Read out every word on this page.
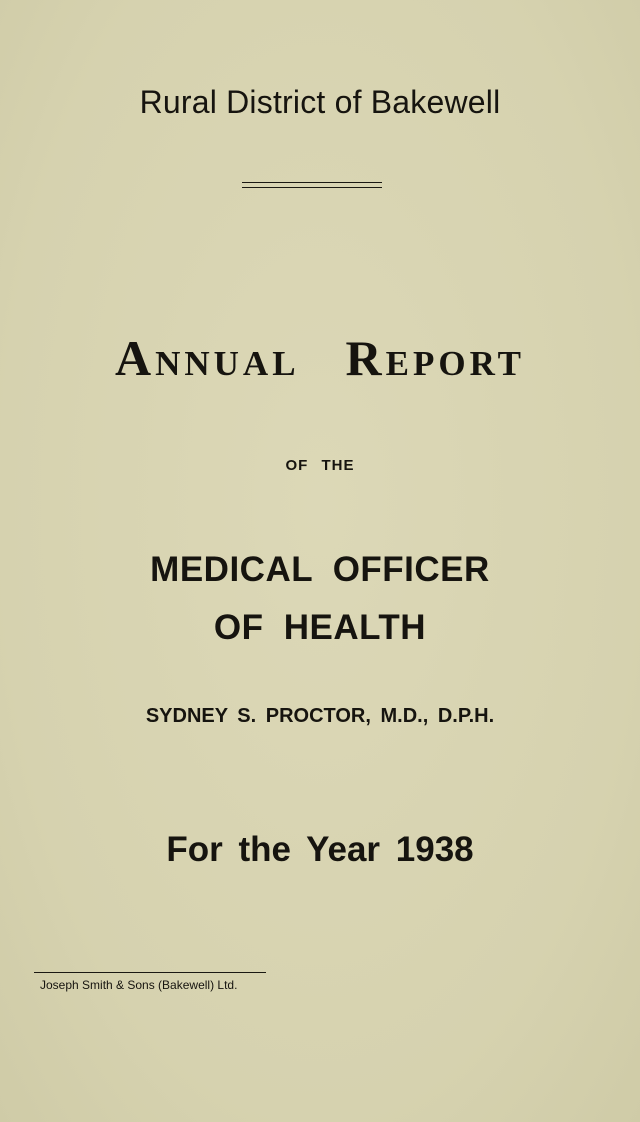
Rural District of Bakewell
Annual Report
OF THE
MEDICAL OFFICER
OF HEALTH
SYDNEY S. PROCTOR, M.D., D.P.H.
For the Year 1938
Joseph Smith & Sons (Bakewell) Ltd.
